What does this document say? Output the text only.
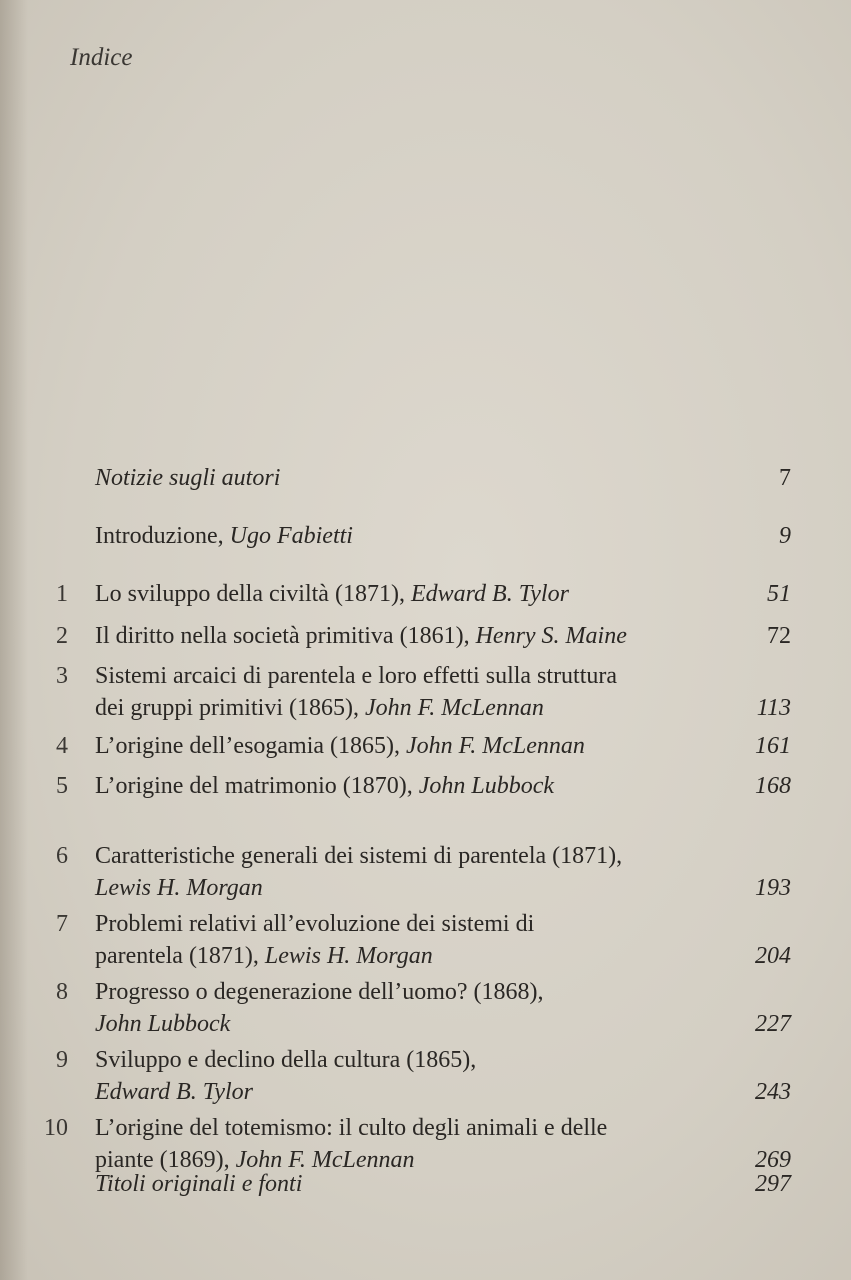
Indice
Notizie sugli autori	7
Introduzione, Ugo Fabietti	9
1 Lo sviluppo della civiltà (1871), Edward B. Tylor	51
2 Il diritto nella società primitiva (1861), Henry S. Maine	72
3 Sistemi arcaici di parentela e loro effetti sulla struttura
dei gruppi primitivi (1865), John F. McLennan	113
4 L’origine dell’esogamia (1865), John F. McLennan	161
5 L’origine del matrimonio (1870), John Lubbock	168
6 Caratteristiche generali dei sistemi di parentela (1871),
Lewis H. Morgan	193
7 Problemi relativi all’evoluzione dei sistemi di
parentela (1871), Lewis H. Morgan	204
8 Progresso o degenerazione dell’uomo? (1868),
John Lubbock	227
9 Sviluppo e declino della cultura (1865),
Edward B. Tylor	243
10 L’origine del totemismo: il culto degli animali e delle
piante (1869), John F. McLennan	269
Titoli originali e fonti	297
